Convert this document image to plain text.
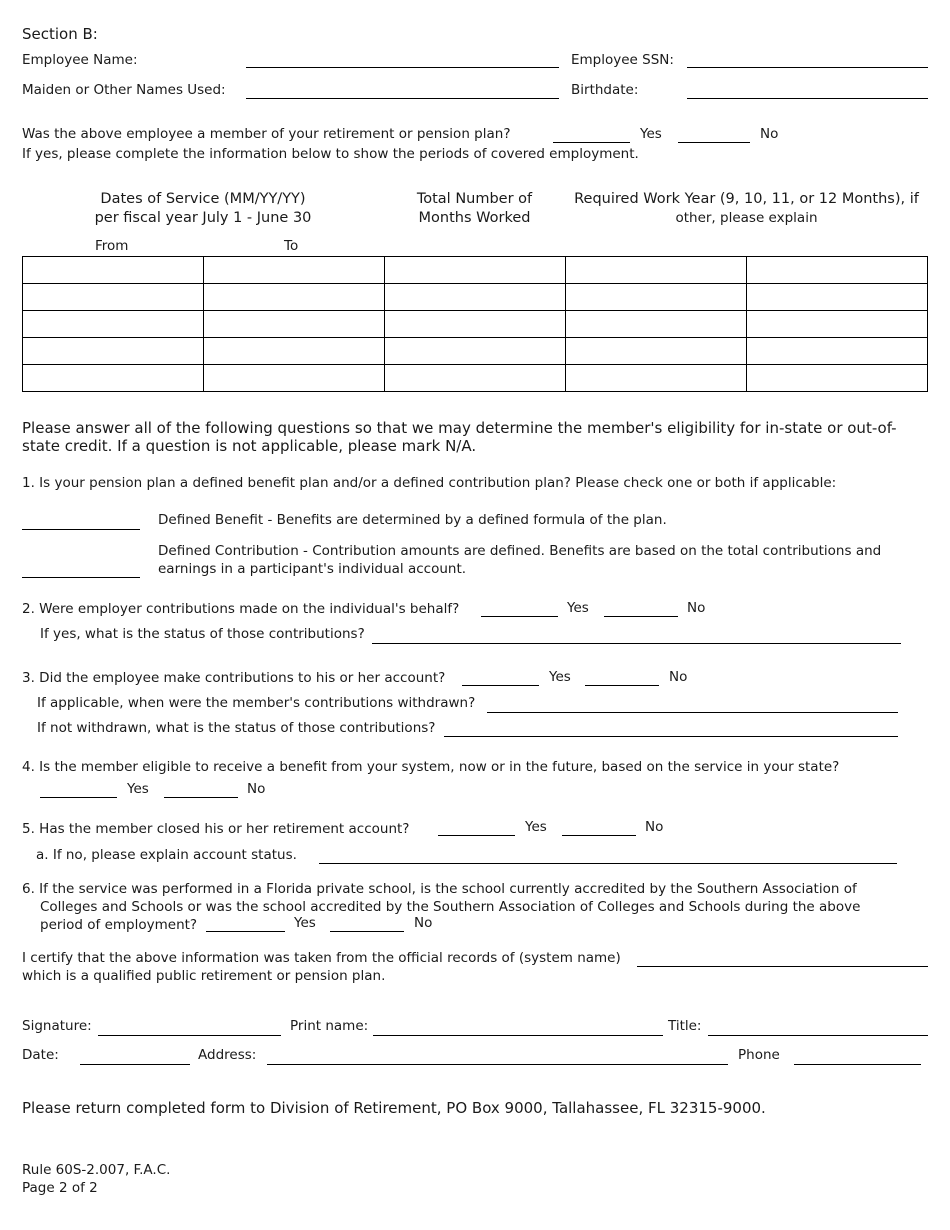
Section B:
Employee Name:	Employee SSN:
Maiden or Other Names Used:	Birthdate:
Was the above employee a member of your retirement or pension plan?	Yes	No
If yes, please complete the information below to show the periods of covered employment.
Dates of Service (MM/YY/YY)
per fiscal year July 1 - June 30
From	To
Total Number of
Months Worked
Required Work Year (9, 10, 11, or 12 Months), if
other, please explain

Please answer all of the following questions so that we may determine the member's eligibility for in-state or out-of-state credit. If a question is not applicable, please mark N/A.
1. Is your pension plan a defined benefit plan and/or a defined contribution plan? Please check one or both if applicable:
Defined Benefit - Benefits are determined by a defined formula of the plan.
Defined Contribution - Contribution amounts are defined. Benefits are based on the total contributions and earnings in a participant's individual account.
2. Were employer contributions made on the individual's behalf?	Yes	No
If yes, what is the status of those contributions?
3. Did the employee make contributions to his or her account?	Yes	No
If applicable, when were the member's contributions withdrawn?
If not withdrawn, what is the status of those contributions?
4. Is the member eligible to receive a benefit from your system, now or in the future, based on the service in your state?
Yes	No
5. Has the member closed his or her retirement account?	Yes	No
a. If no, please explain account status.
6. If the service was performed in a Florida private school, is the school currently accredited by the Southern Association of
Colleges and Schools or was the school accredited by the Southern Association of Colleges and Schools during the above
period of employment?	Yes	No
I certify that the above information was taken from the official records of (system name)
which is a qualified public retirement or pension plan.
Signature:	Print name:	Title:
Date:	Address:	Phone
Please return completed form to Division of Retirement, PO Box 9000, Tallahassee, FL 32315-9000.
Rule 60S-2.007, F.A.C.
Page 2 of 2
